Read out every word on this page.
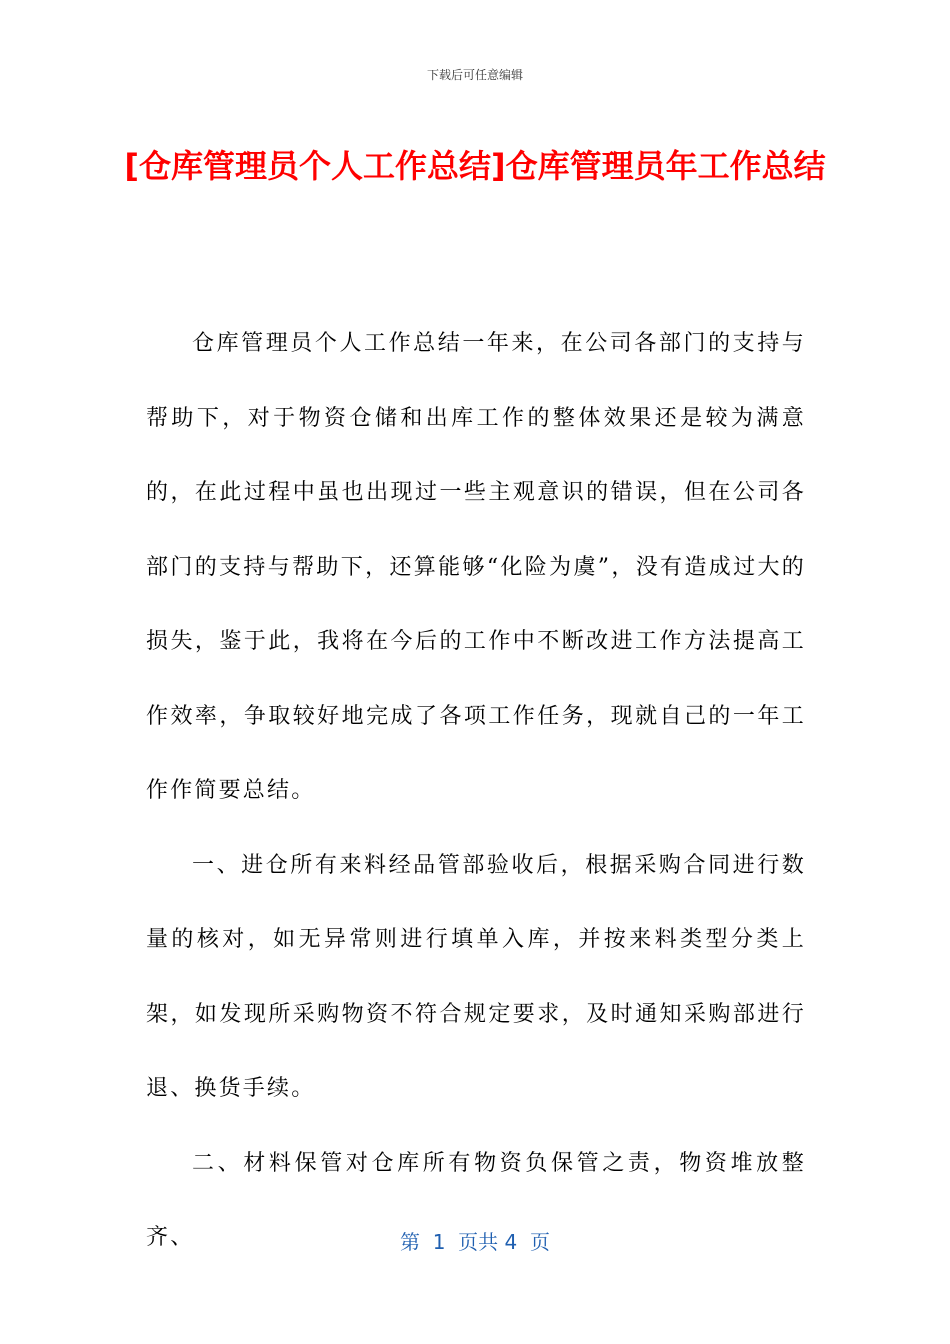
下载后可任意编辑
[仓库管理员个人工作总结]仓库管理员年工作总结

仓库管理员个人工作总结一年来，在公司各部门的支持与帮助下，对于物资仓储和出库工作的整体效果还是较为满意的，在此过程中虽也出现过一些主观意识的错误，但在公司各部门的支持与帮助下，还算能够“化险为虞”，没有造成过大的损失，鉴于此，我将在今后的工作中不断改进工作方法提高工作效率，争取较好地完成了各项工作任务，现就自己的一年工作作简要总结。

一、进仓所有来料经品管部验收后，根据采购合同进行数量的核对，如无异常则进行填单入库，并按来料类型分类上架，如发现所采购物资不符合规定要求，及时通知采购部进行退、换货手续。

二、材料保管对仓库所有物资负保管之责，物资堆放整齐、	第  1  页共 4  页
